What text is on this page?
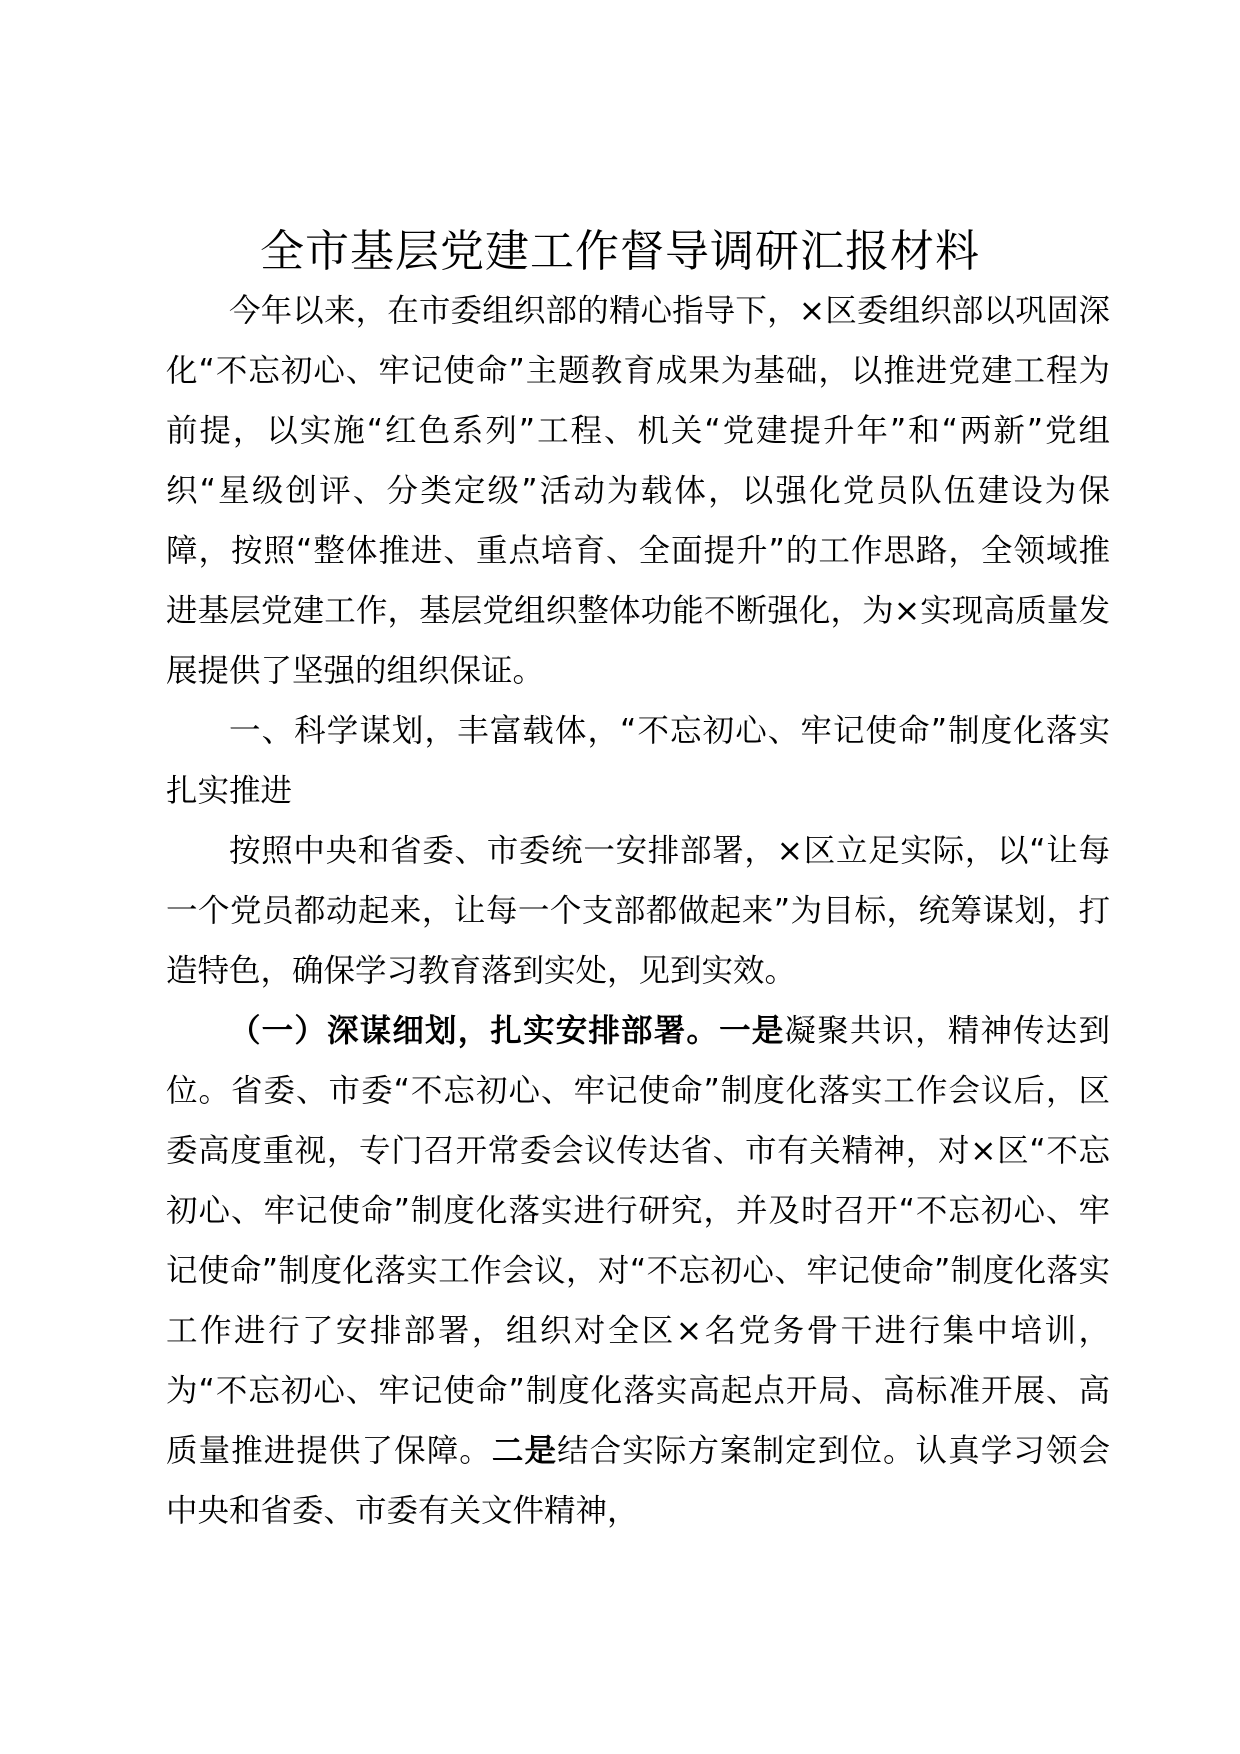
全市基层党建工作督导调研汇报材料

今年以来，在市委组织部的精心指导下，×区委组织部以巩固深化“不忘初心、牢记使命”主题教育成果为基础，以推进党建工程为前提，以实施“红色系列”工程、机关“党建提升年”和“两新”党组织“星级创评、分类定级”活动为载体，以强化党员队伍建设为保障，按照“整体推进、重点培育、全面提升”的工作思路，全领域推进基层党建工作，基层党组织整体功能不断强化，为×实现高质量发展提供了坚强的组织保证。

一、科学谋划，丰富载体，“不忘初心、牢记使命”制度化落实扎实推进

按照中央和省委、市委统一安排部署，×区立足实际，以“让每一个党员都动起来，让每一个支部都做起来”为目标，统筹谋划，打造特色，确保学习教育落到实处，见到实效。

（一）深谋细划，扎实安排部署。一是凝聚共识，精神传达到位。省委、市委“不忘初心、牢记使命”制度化落实工作会议后，区委高度重视，专门召开常委会议传达省、市有关精神，对×区“不忘初心、牢记使命”制度化落实进行研究，并及时召开“不忘初心、牢记使命”制度化落实工作会议，对“不忘初心、牢记使命”制度化落实工作进行了安排部署，组织对全区×名党务骨干进行集中培训，为“不忘初心、牢记使命”制度化落实高起点开局、高标准开展、高质量推进提供了保障。二是结合实际方案制定到位。认真学习领会中央和省委、市委有关文件精神，
